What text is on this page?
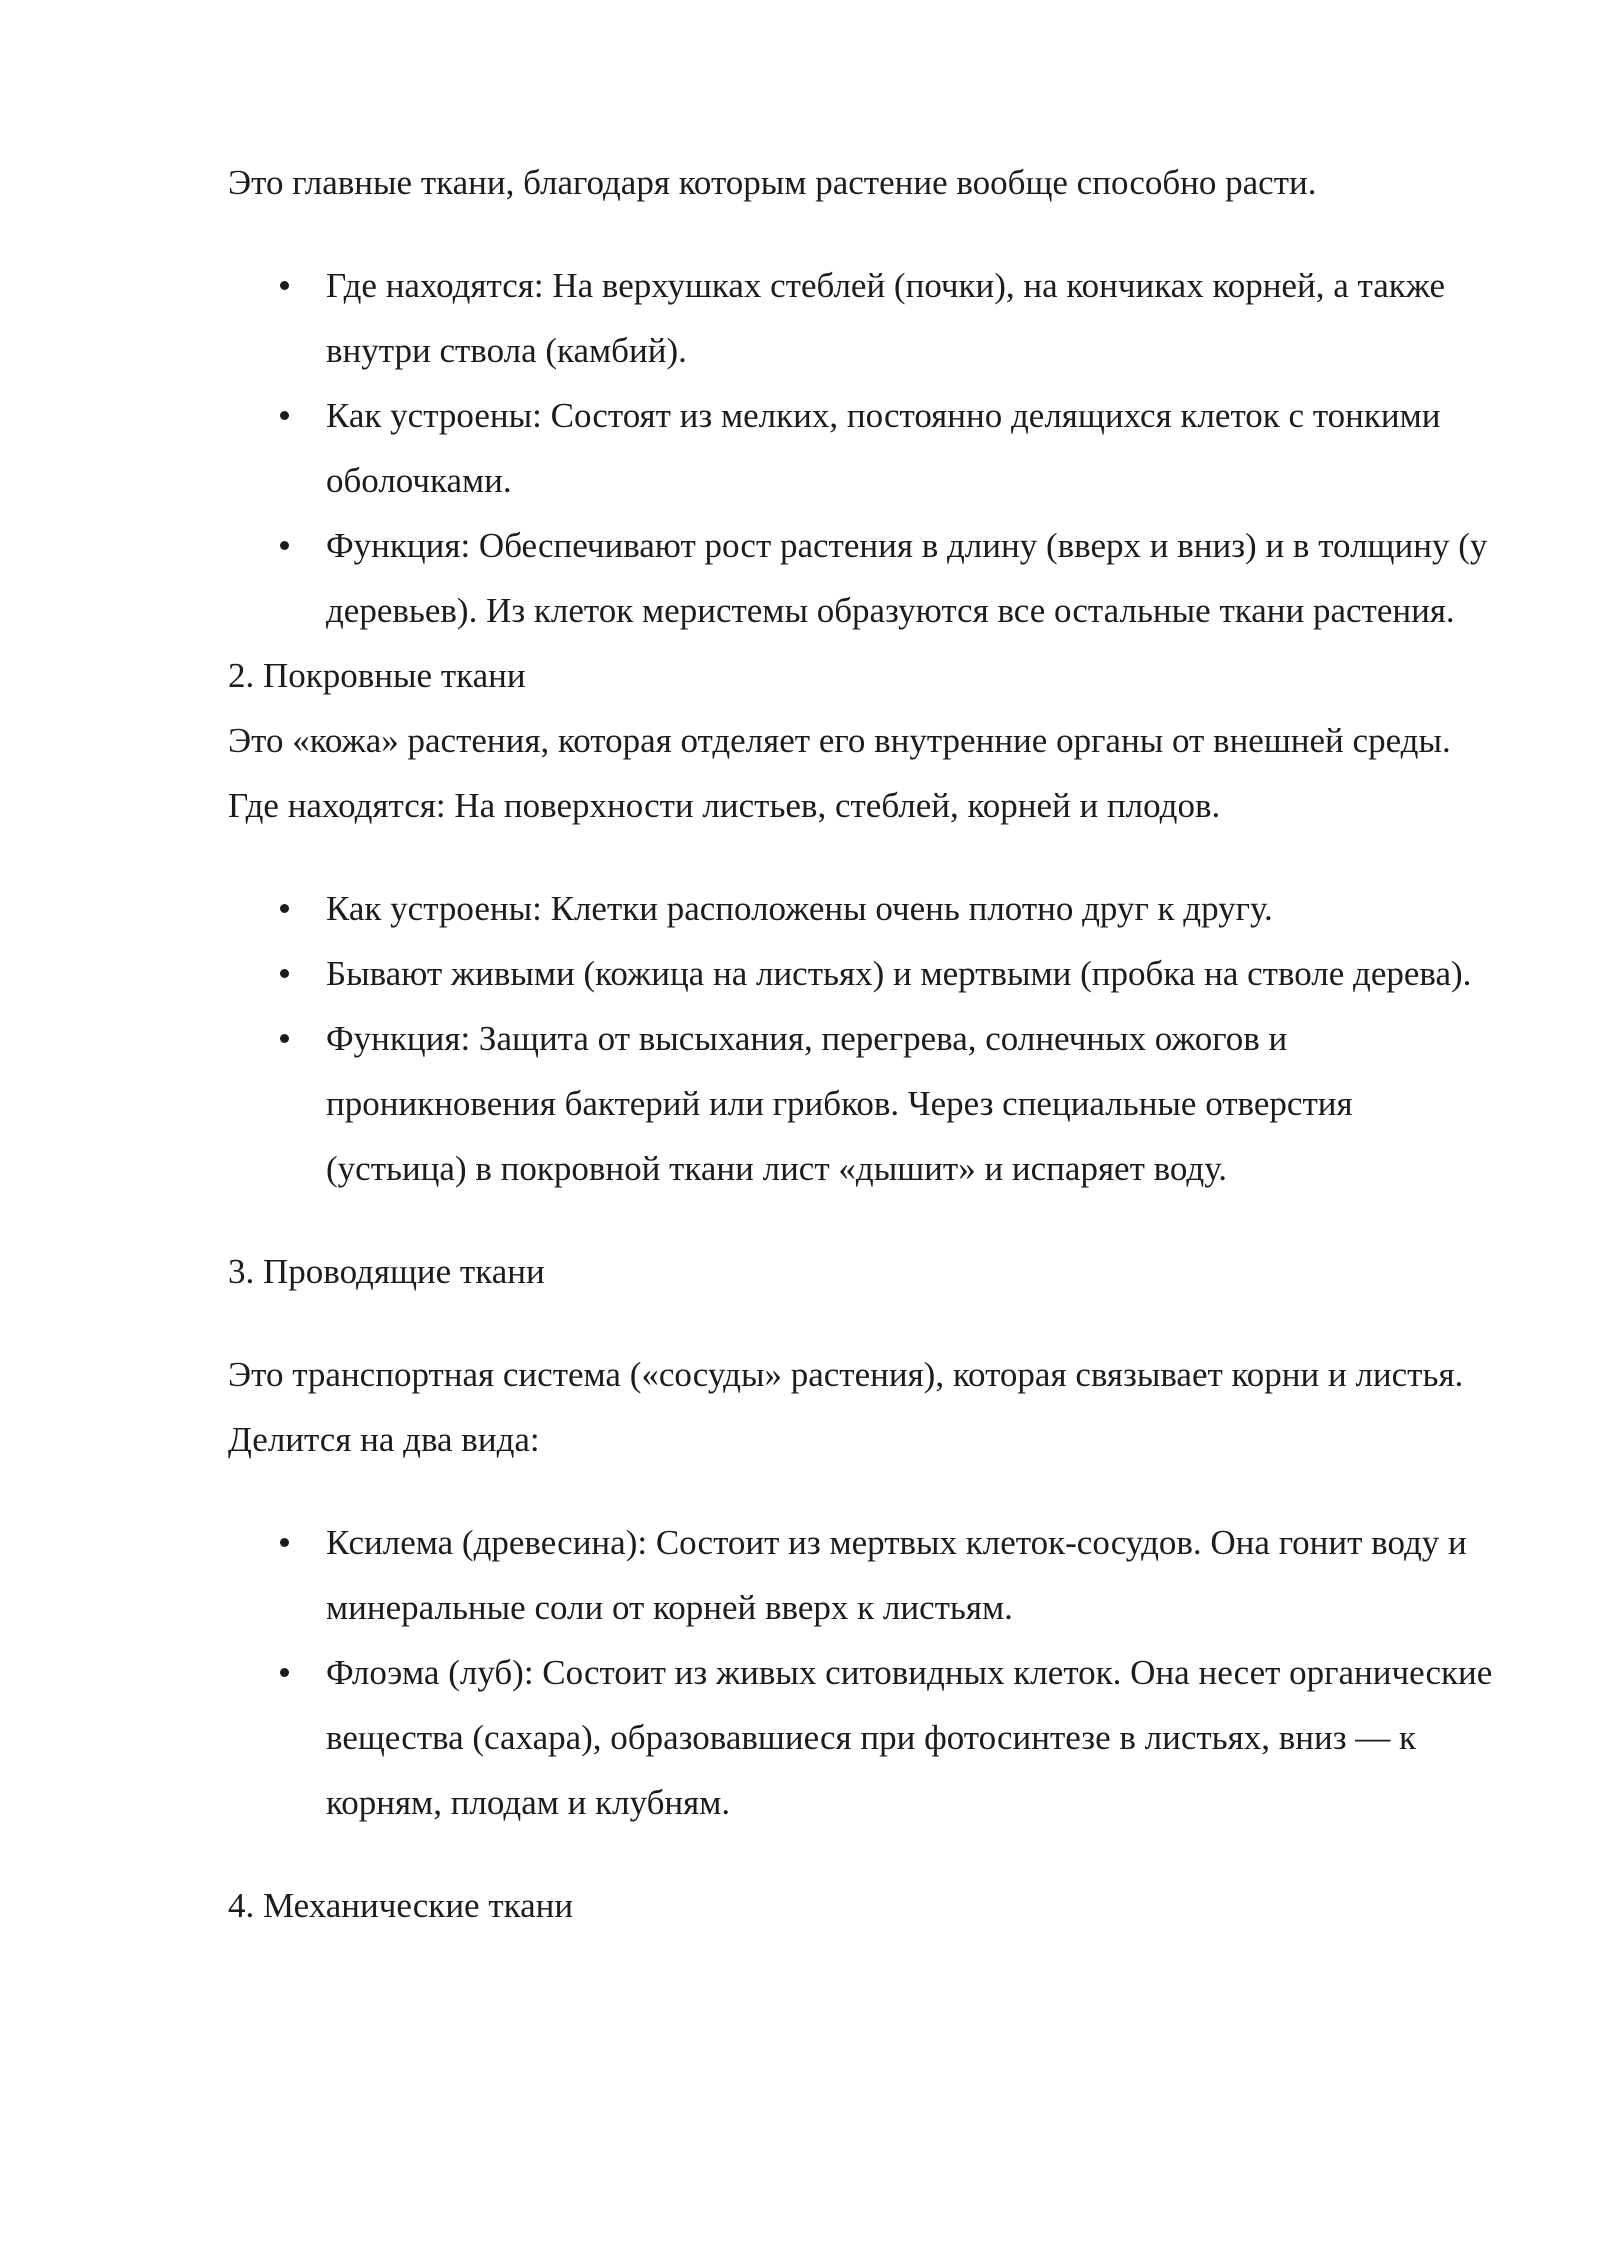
Это главные ткани, благодаря которым растение вообще способно расти.

Где находятся: На верхушках стеблей (почки), на кончиках корней, а также внутри ствола (камбий).
Как устроены: Состоят из мелких, постоянно делящихся клеток с тонкими оболочками.
Функция: Обеспечивают рост растения в длину (вверх и вниз) и в толщину (у деревьев). Из клеток меристемы образуются все остальные ткани растения.

2. Покровные ткани

Это «кожа» растения, которая отделяет его внутренние органы от внешней среды.

Где находятся: На поверхности листьев, стеблей, корней и плодов.

Как устроены: Клетки расположены очень плотно друг к другу.
Бывают живыми (кожица на листьях) и мертвыми (пробка на стволе дерева).
Функция: Защита от высыхания, перегрева, солнечных ожогов и проникновения бактерий или грибков. Через специальные отверстия (устьица) в покровной ткани лист «дышит» и испаряет воду.

3. Проводящие ткани

Это транспортная система («сосуды» растения), которая связывает корни и листья. Делится на два вида:

Ксилема (древесина): Состоит из мертвых клеток-сосудов. Она гонит воду и минеральные соли от корней вверх к листьям.
Флоэма (луб): Состоит из живых ситовидных клеток. Она несет органические вещества (сахара), образовавшиеся при фотосинтезе в листьях, вниз — к корням, плодам и клубням.

4. Механические ткани
